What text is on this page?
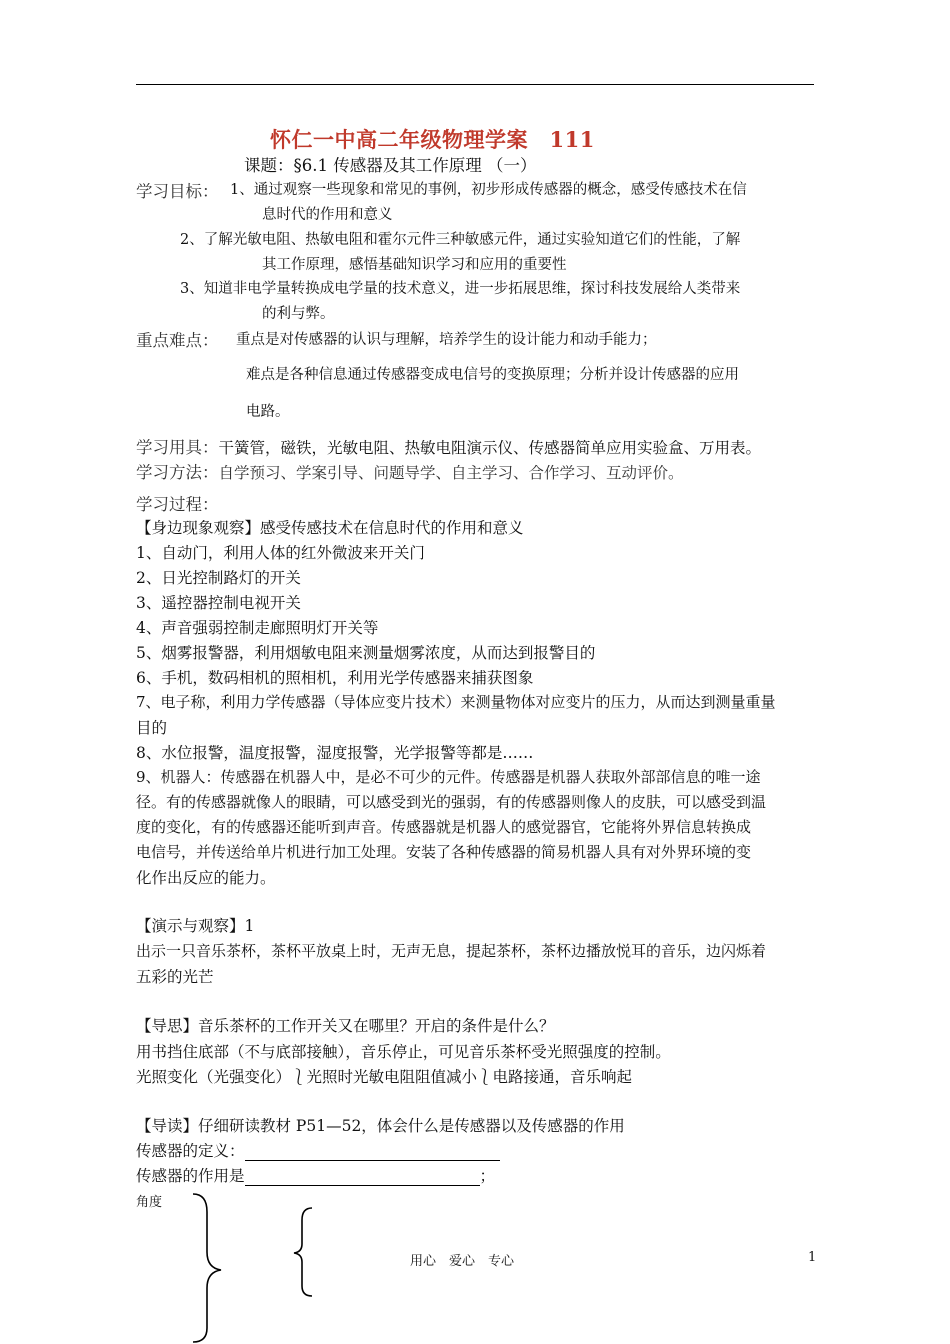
怀仁一中高二年级物理学案　111
课题：§6.1 传感器及其工作原理 （一）
学习目标： 1、通过观察一些现象和常见的事例，初步形成传感器的概念，感受传感技术在信
息时代的作用和意义
2、了解光敏电阻、热敏电阻和霍尔元件三种敏感元件，通过实验知道它们的性能，了解
其工作原理，感悟基础知识学习和应用的重要性
3、知道非电学量转换成电学量的技术意义，进一步拓展思维，探讨科技发展给人类带来
的利与弊。
重点难点： 重点是对传感器的认识与理解，培养学生的设计能力和动手能力；
难点是各种信息通过传感器变成电信号的变换原理；分析并设计传感器的应用
电路。
学习用具：干簧管，磁铁，光敏电阻、热敏电阻演示仪、传感器简单应用实验盒、万用表。
学习方法：自学预习、学案引导、问题导学、自主学习、合作学习、互动评价。
学习过程：
【身边现象观察】感受传感技术在信息时代的作用和意义
1、自动门，利用人体的红外微波来开关门
2、日光控制路灯的开关
3、遥控器控制电视开关
4、声音强弱控制走廊照明灯开关等
5、烟雾报警器，利用烟敏电阻来测量烟雾浓度，从而达到报警目的
6、手机，数码相机的照相机，利用光学传感器来捕获图象
7、电子称，利用力学传感器（导体应变片技术）来测量物体对应变片的压力，从而达到测量重量
目的
8、水位报警，温度报警，湿度报警，光学报警等都是……
9、机器人：传感器在机器人中，是必不可少的元件。传感器是机器人获取外部部信息的唯一途
径。有的传感器就像人的眼睛，可以感受到光的强弱，有的传感器则像人的皮肤，可以感受到温
度的变化，有的传感器还能听到声音。传感器就是机器人的感觉器官，它能将外界信息转换成
电信号，并传送给单片机进行加工处理。安装了各种传感器的简易机器人具有对外界环境的变
化作出反应的能力。
【演示与观察】1
出示一只音乐茶杯，茶杯平放桌上时，无声无息，提起茶杯，茶杯边播放悦耳的音乐，边闪烁着
五彩的光芒
【导思】音乐茶杯的工作开关又在哪里？开启的条件是什么？
用书挡住底部（不与底部接触），音乐停止，可见音乐茶杯受光照强度的控制。
光照变化（光强变化）⎱光照时光敏电阻阻值减小⎱电路接通，音乐响起
【导读】仔细研读教材 P51—52，体会什么是传感器以及传感器的作用
传感器的定义：
传感器的作用是	；
角度
用心　爱心　专心	1
